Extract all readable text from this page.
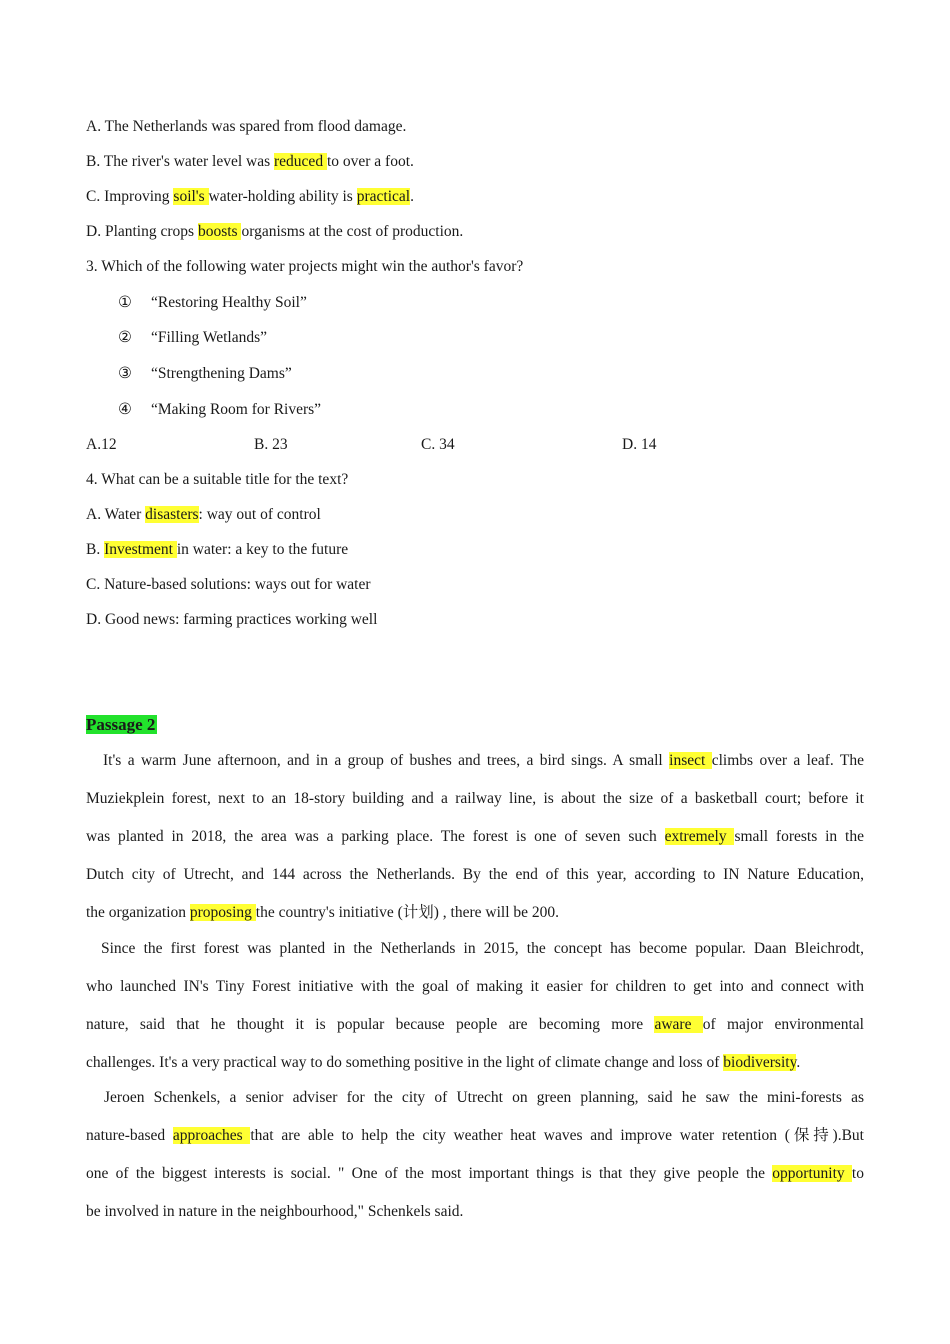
A. The Netherlands was spared from flood damage.
B. The river's water level was reduced to over a foot.
C. Improving soil's water-holding ability is practical.
D. Planting crops boosts organisms at the cost of production.
3. Which of the following water projects might win the author's favor?
① “Restoring Healthy Soil”
② “Filling Wetlands”
③ “Strengthening Dams”
④ “Making Room for Rivers”
A.12	B. 23	C. 34	D. 14
4. What can be a suitable title for the text?
A. Water disasters: way out of control
B. Investment in water: a key to the future
C. Nature-based solutions: ways out for water
D. Good news: farming practices working well
Passage 2
It's a warm June afternoon, and in a group of bushes and trees, a bird sings. A small insect climbs over a leaf. The
Muziekplein forest, next to an 18-story building and a railway line, is about the size of a basketball court; before it
was planted in 2018, the area was a parking place. The forest is one of seven such extremely small forests in the
Dutch city of Utrecht, and 144 across the Netherlands. By the end of this year, according to IN Nature Education,
the organization proposing the country's initiative (计划) , there will be 200.
Since the first forest was planted in the Netherlands in 2015, the concept has become popular. Daan Bleichrodt,
who launched IN's Tiny Forest initiative with the goal of making it easier for children to get into and connect with
nature, said that he thought it is popular because people are becoming more aware of major environmental
challenges. It's a very practical way to do something positive in the light of climate change and loss of biodiversity.
Jeroen Schenkels, a senior adviser for the city of Utrecht on green planning, said he saw the mini-forests as
nature-based approaches that are able to help the city weather heat waves and improve water retention (保持).But
one of the biggest interests is social. " One of the most important things is that they give people the opportunity to
be involved in nature in the neighbourhood," Schenkels said.
